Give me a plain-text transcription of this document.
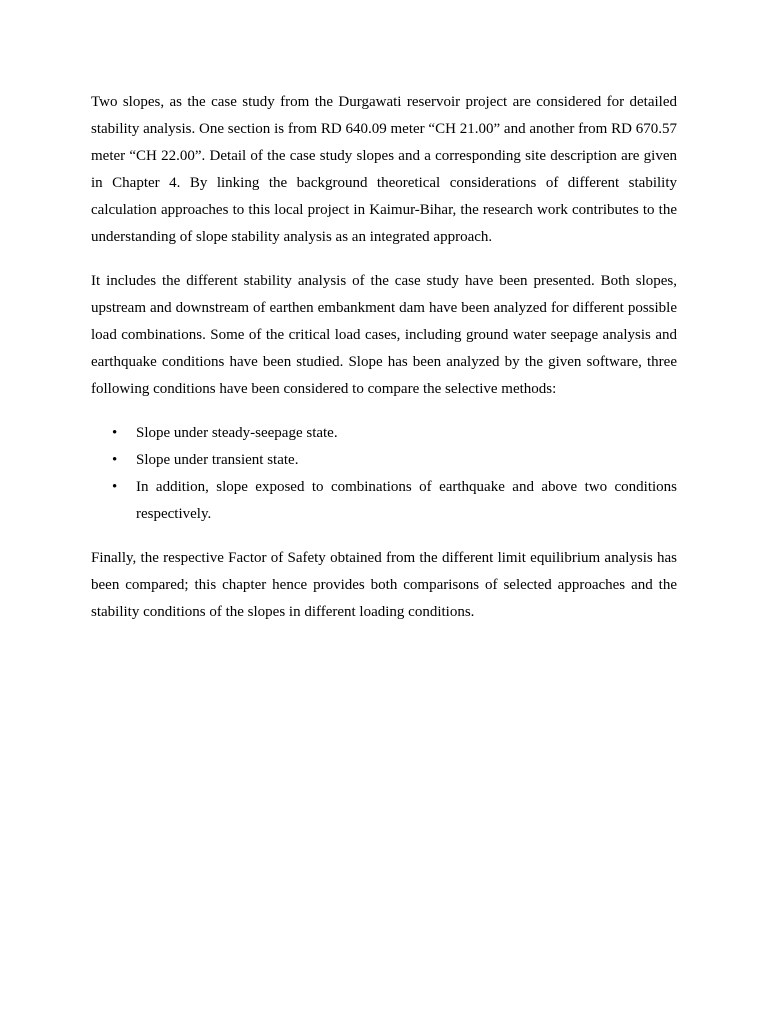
Two slopes, as the case study from the Durgawati reservoir project are considered for detailed stability analysis. One section is from RD 640.09 meter “CH 21.00” and another from RD 670.57 meter “CH 22.00”. Detail of the case study slopes and a corresponding site description are given in Chapter 4. By linking the background theoretical considerations of different stability calculation approaches to this local project in Kaimur-Bihar, the research work contributes to the understanding of slope stability analysis as an integrated approach.

It includes the different stability analysis of the case study have been presented. Both slopes, upstream and downstream of earthen embankment dam have been analyzed for different possible load combinations. Some of the critical load cases, including ground water seepage analysis and earthquake conditions have been studied. Slope has been analyzed by the given software, three following conditions have been considered to compare the selective methods:

• Slope under steady-seepage state.
• Slope under transient state.
• In addition, slope exposed to combinations of earthquake and above two conditions respectively.

Finally, the respective Factor of Safety obtained from the different limit equilibrium analysis has been compared; this chapter hence provides both comparisons of selected approaches and the stability conditions of the slopes in different loading conditions.
